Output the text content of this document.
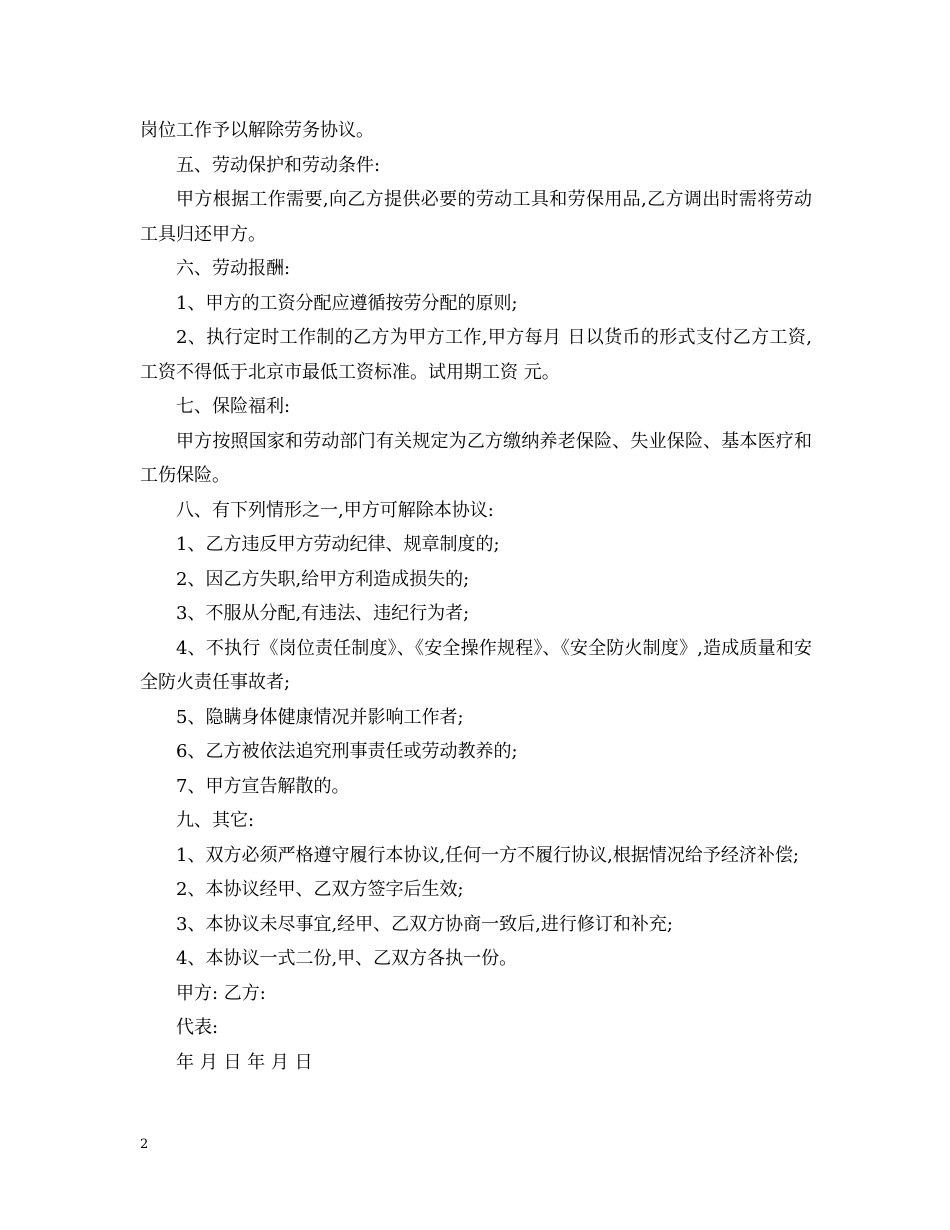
岗位工作予以解除劳务协议。

五、劳动保护和劳动条件:

甲方根据工作需要,向乙方提供必要的劳动工具和劳保用品,乙方调出时需将劳动工具归还甲方。

六、劳动报酬:

1、甲方的工资分配应遵循按劳分配的原则;

2、执行定时工作制的乙方为甲方工作,甲方每月 日以货币的形式支付乙方工资,工资不得低于北京市最低工资标准。试用期工资 元。

七、保险福利:

甲方按照国家和劳动部门有关规定为乙方缴纳养老保险、失业保险、基本医疗和工伤保险。

八、有下列情形之一,甲方可解除本协议:

1、乙方违反甲方劳动纪律、规章制度的;

2、因乙方失职,给甲方利造成损失的;

3、不服从分配,有违法、违纪行为者;

4、不执行《岗位责任制度》、《安全操作规程》、《安全防火制度》,造成质量和安全防火责任事故者;

5、隐瞒身体健康情况并影响工作者;

6、乙方被依法追究刑事责任或劳动教养的;

7、甲方宣告解散的。

九、其它:

1、双方必须严格遵守履行本协议,任何一方不履行协议,根据情况给予经济补偿;

2、本协议经甲、乙双方签字后生效;

3、本协议未尽事宜,经甲、乙双方协商一致后,进行修订和补充;

4、本协议一式二份,甲、乙双方各执一份。

甲方: 乙方:

代表:

年 月 日 年 月 日

2
